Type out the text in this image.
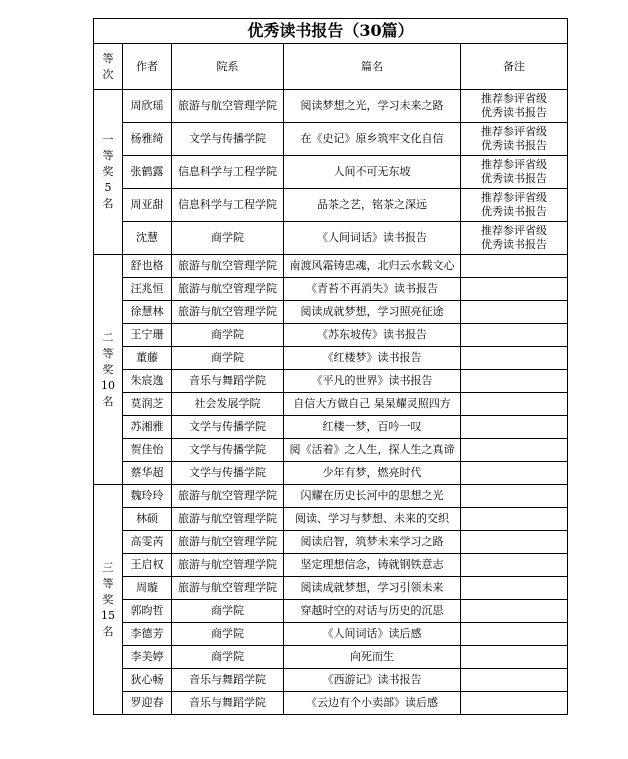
优秀读书报告（30篇）				

等
次	作者	院系	篇名	备注

一
等
奖
5
名	周欣瑶	旅游与航空管理学院	阅读梦想之光，学习未来之路	推荐参评省级
优秀读书报告

	杨雅绮	文学与传播学院	在《史记》原乡筑牢文化自信	推荐参评省级
优秀读书报告

	张鹤露	信息科学与工程学院	人间不可无东坡	推荐参评省级
优秀读书报告

	周亚甜	信息科学与工程学院	品茶之艺，铭茶之深远	推荐参评省级
优秀读书报告

	沈慧	商学院	《人间词话》读书报告	推荐参评省级
优秀读书报告

二
等
奖
10
名	舒也格	旅游与航空管理学院	南渡风霜铸忠魂，北归云水载文心	
	汪兆恒	旅游与航空管理学院	《青苔不再消失》读书报告	
	徐慧林	旅游与航空管理学院	阅读成就梦想，学习照亮征途	
	王宁珊	商学院	《苏东坡传》读书报告	
	董藤	商学院	《红楼梦》读书报告	
	朱宸逸	音乐与舞蹈学院	《平凡的世界》读书报告	
	莫润芝	社会发展学院	自信大方做自己 杲杲耀灵照四方	
	苏湘雅	文学与传播学院	红楼一梦，百吟一叹	
	贺佳怡	文学与传播学院	阅《活着》之人生，探人生之真谛	
	蔡华超	文学与传播学院	少年有梦，燃亮时代	

三
等
奖
15
名	魏玲玲	旅游与航空管理学院	闪耀在历史长河中的思想之光	
	林硕	旅游与航空管理学院	阅读、学习与梦想、未来的交织	
	高雯芮	旅游与航空管理学院	阅读启智，筑梦未来学习之路	
	王启权	旅游与航空管理学院	坚定理想信念，铸就钢铁意志	
	周璇	旅游与航空管理学院	阅读成就梦想，学习引领未来	
	郭昀哲	商学院	穿越时空的对话与历史的沉思	
	李德芳	商学院	《人间词话》读后感	
	李美婷	商学院	向死而生	
	狄心畅	音乐与舞蹈学院	《西游记》读书报告	
	罗迎春	音乐与舞蹈学院	《云边有个小卖部》读后感	
